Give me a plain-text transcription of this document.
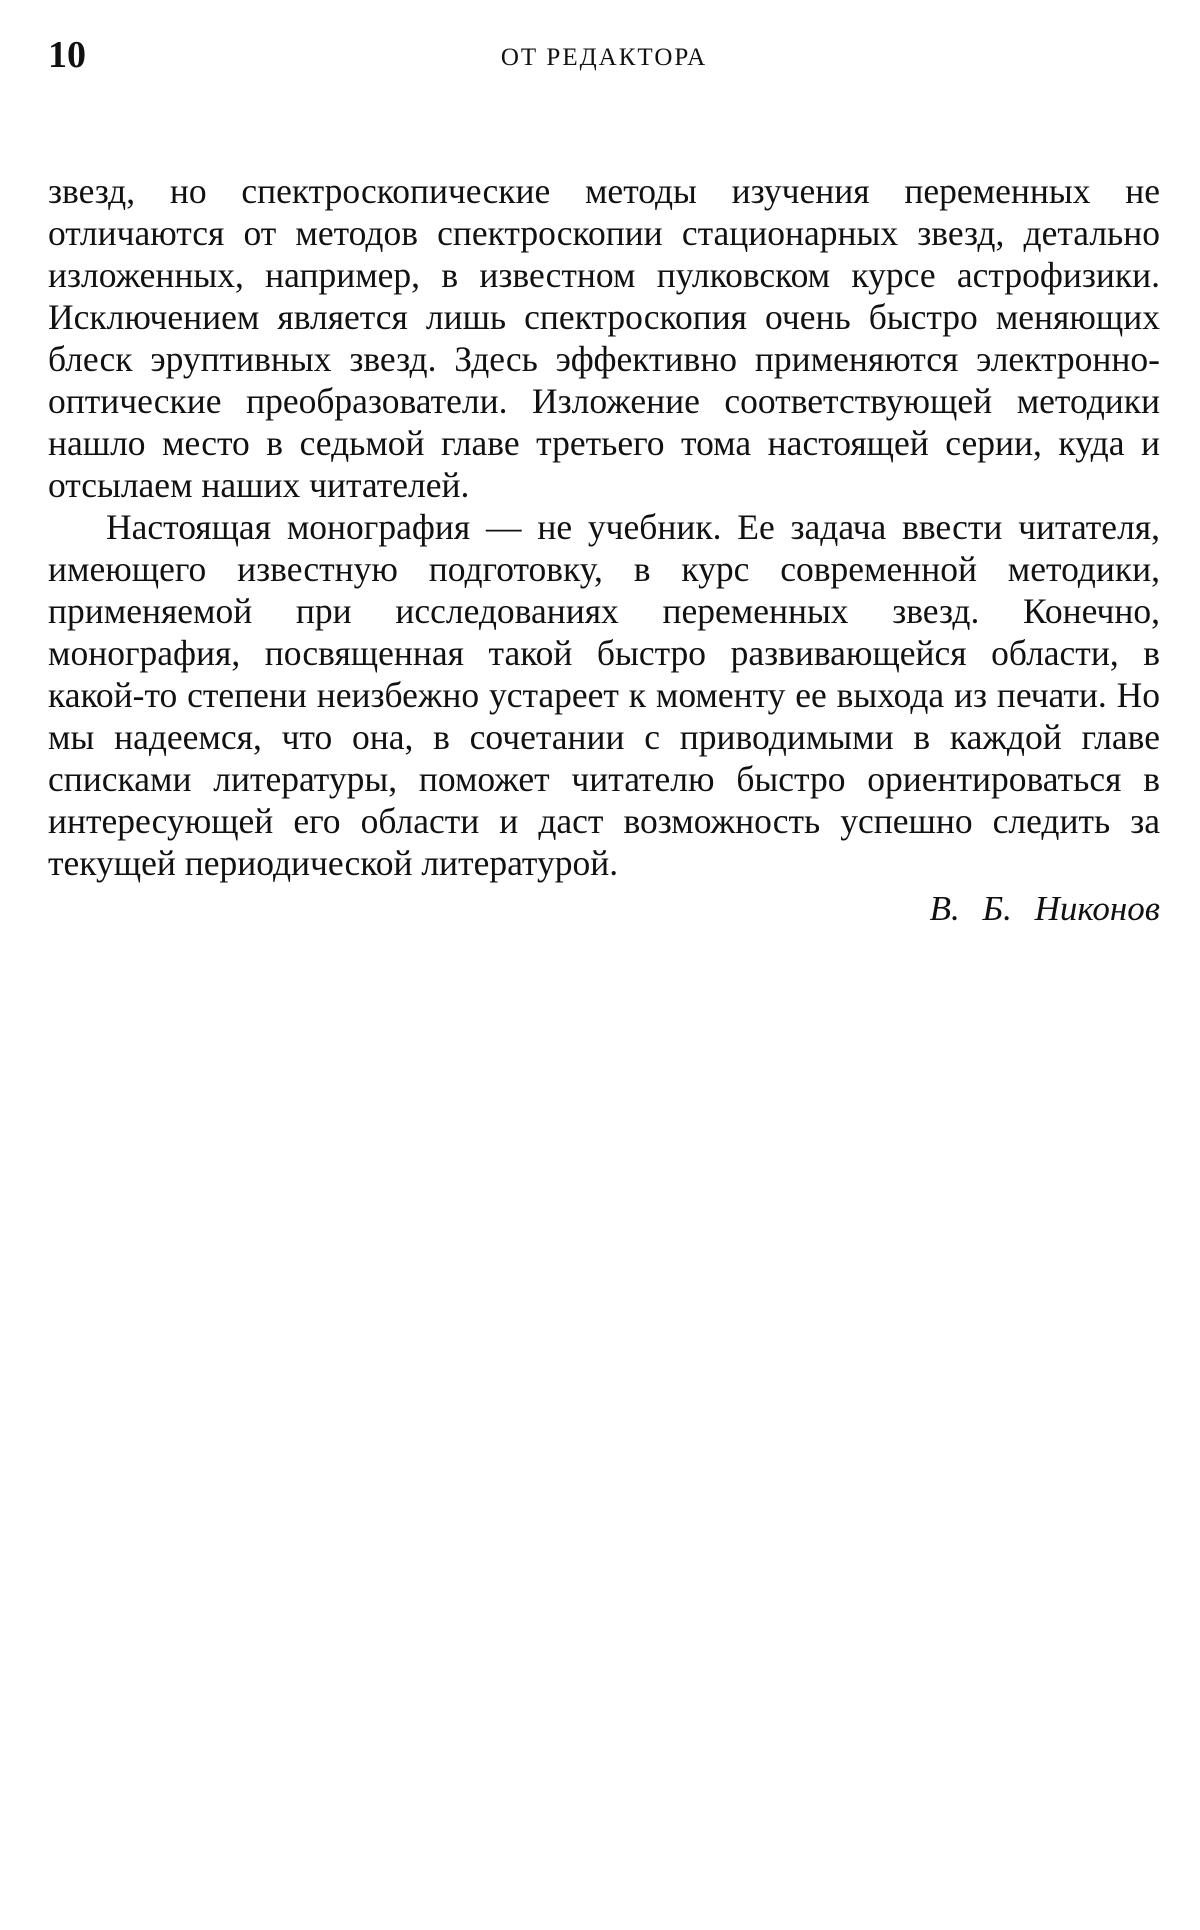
10	ОТ РЕДАКТОРА

звезд, но спектроскопические методы изучения переменных не отличаются от методов спектроскопии стационарных звезд, детально изложенных, например, в известном пулковском курсе астрофизики. Исключением является лишь спектроскопия очень быстро меняющих блеск эруптивных звезд. Здесь эффективно применяются электронно-оптические преобразователи. Изложение соответствующей методики нашло место в седьмой главе третьего тома настоящей серии, куда и отсылаем наших читателей.

Настоящая монография — не учебник. Ее задача ввести читателя, имеющего известную подготовку, в курс современной методики, применяемой при исследованиях переменных звезд. Конечно, монография, посвященная такой быстро развивающейся области, в какой-то степени неизбежно устареет к моменту ее выхода из печати. Но мы надеемся, что она, в сочетании с приводимыми в каждой главе списками литературы, поможет читателю быстро ориентироваться в интересующей его области и даст возможность успешно следить за текущей периодической литературой.

В. Б. Никонов
